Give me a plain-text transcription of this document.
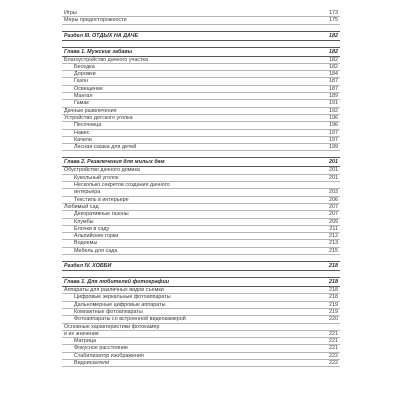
Игры	173
Меры предосторожности	175
Раздел III. ОТДЫХ НА ДАЧЕ	182
Глава 1. Мужские забавы	182
Благоустройство дачного участка	182
Беседка	182
Дорожки	184
Газон	187
Освещение	187
Мангал	189
Гамак	191
Дачные развлечения	192
Устройство детского уголка	196
Песочница	196
Навес	197
Качели	197
Лесная сказка для детей	199
Глава 2. Развлечения для милых дам	201
Обустройство дачного домика	201
Кукольный уголок	201
Несколько секретов создания дачного
интерьера	203
Текстиль в интерьере	206
Любимый сад	207
Декоративные газоны	207
Клумбы	209
Елочки в саду	211
Альпийские горки	212
Водоемы	213
Мебель для сада	215
Раздел IV. ХОББИ	218
Глава 1. Для любителей фотографии	218
Аппараты для различных видов съемки	218
Цифровые зеркальные фотоаппараты	218
Дальномерные цифровые аппараты	219
Компактные фотоаппараты	219
Фотоаппараты со встроенной видеокамерой	220
Основные характеристики фотокамер
и их значение	221
Матрица	221
Фокусное расстояние	221
Стабилизатор изображения	222
Видоискатели	222
